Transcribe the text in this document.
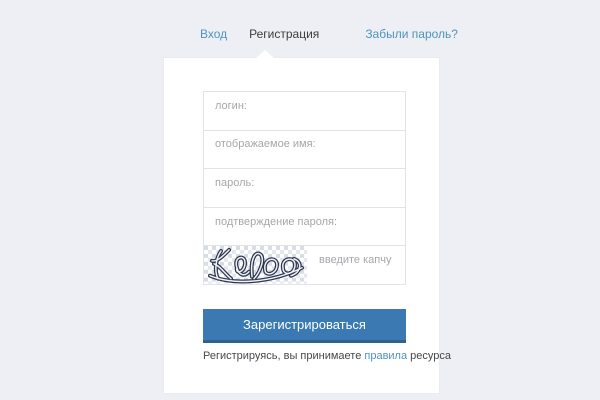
Вход Регистрация	Забыли пароль?
логин:
отображаемое имя:
введите капчу
Зарегистрироваться

Регистрируясь, вы принимаете правила ресурса
